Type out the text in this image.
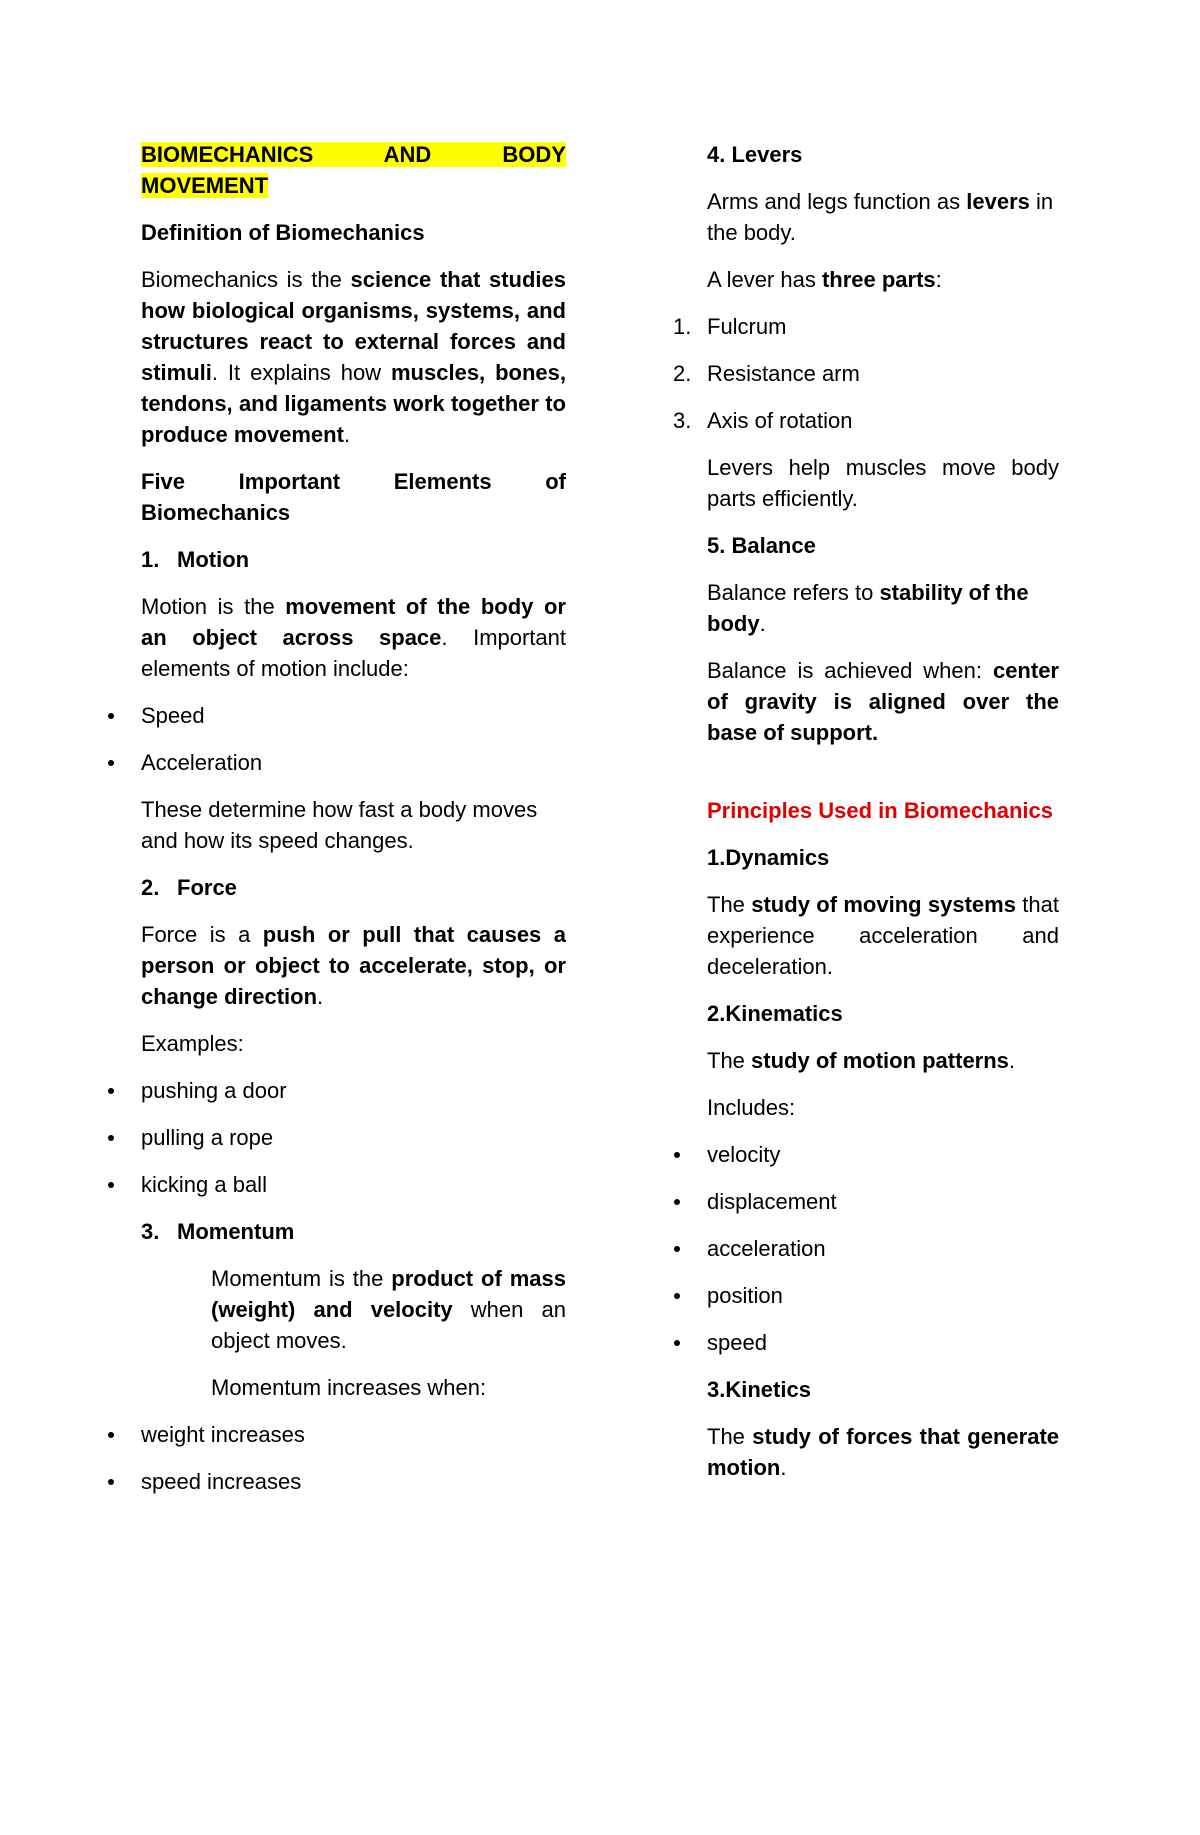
BIOMECHANICS AND BODY

MOVEMENT

Definition of Biomechanics

Biomechanics is the science that studies how biological organisms, systems, and structures react to external forces and stimuli. It explains how muscles, bones, tendons, and ligaments work together to produce movement.

Five Important Elements of Biomechanics

1. Motion

Motion is the movement of the body or an object across space. Important elements of motion include:

Speed
Acceleration

These determine how fast a body moves and how its speed changes.

2. Force

Force is a push or pull that causes a person or object to accelerate, stop, or change direction.

Examples:

pushing a door
pulling a rope
kicking a ball
3. Momentum

Momentum is the product of mass (weight) and velocity when an object moves.

Momentum increases when:

weight increases
speed increases

4. Levers

Arms and legs function as levers in the body.

A lever has three parts:

1. Fulcrum
2. Resistance arm
3. Axis of rotation

Levers help muscles move body parts efficiently.

5. Balance

Balance refers to stability of the body.

Balance is achieved when: center of gravity is aligned over the base of support.

Principles Used in Biomechanics

1.Dynamics

The study of moving systems that experience acceleration and deceleration.

2.Kinematics

The study of motion patterns.

Includes:

velocity
displacement
acceleration
position
speed

3.Kinetics

The study of forces that generate motion.
